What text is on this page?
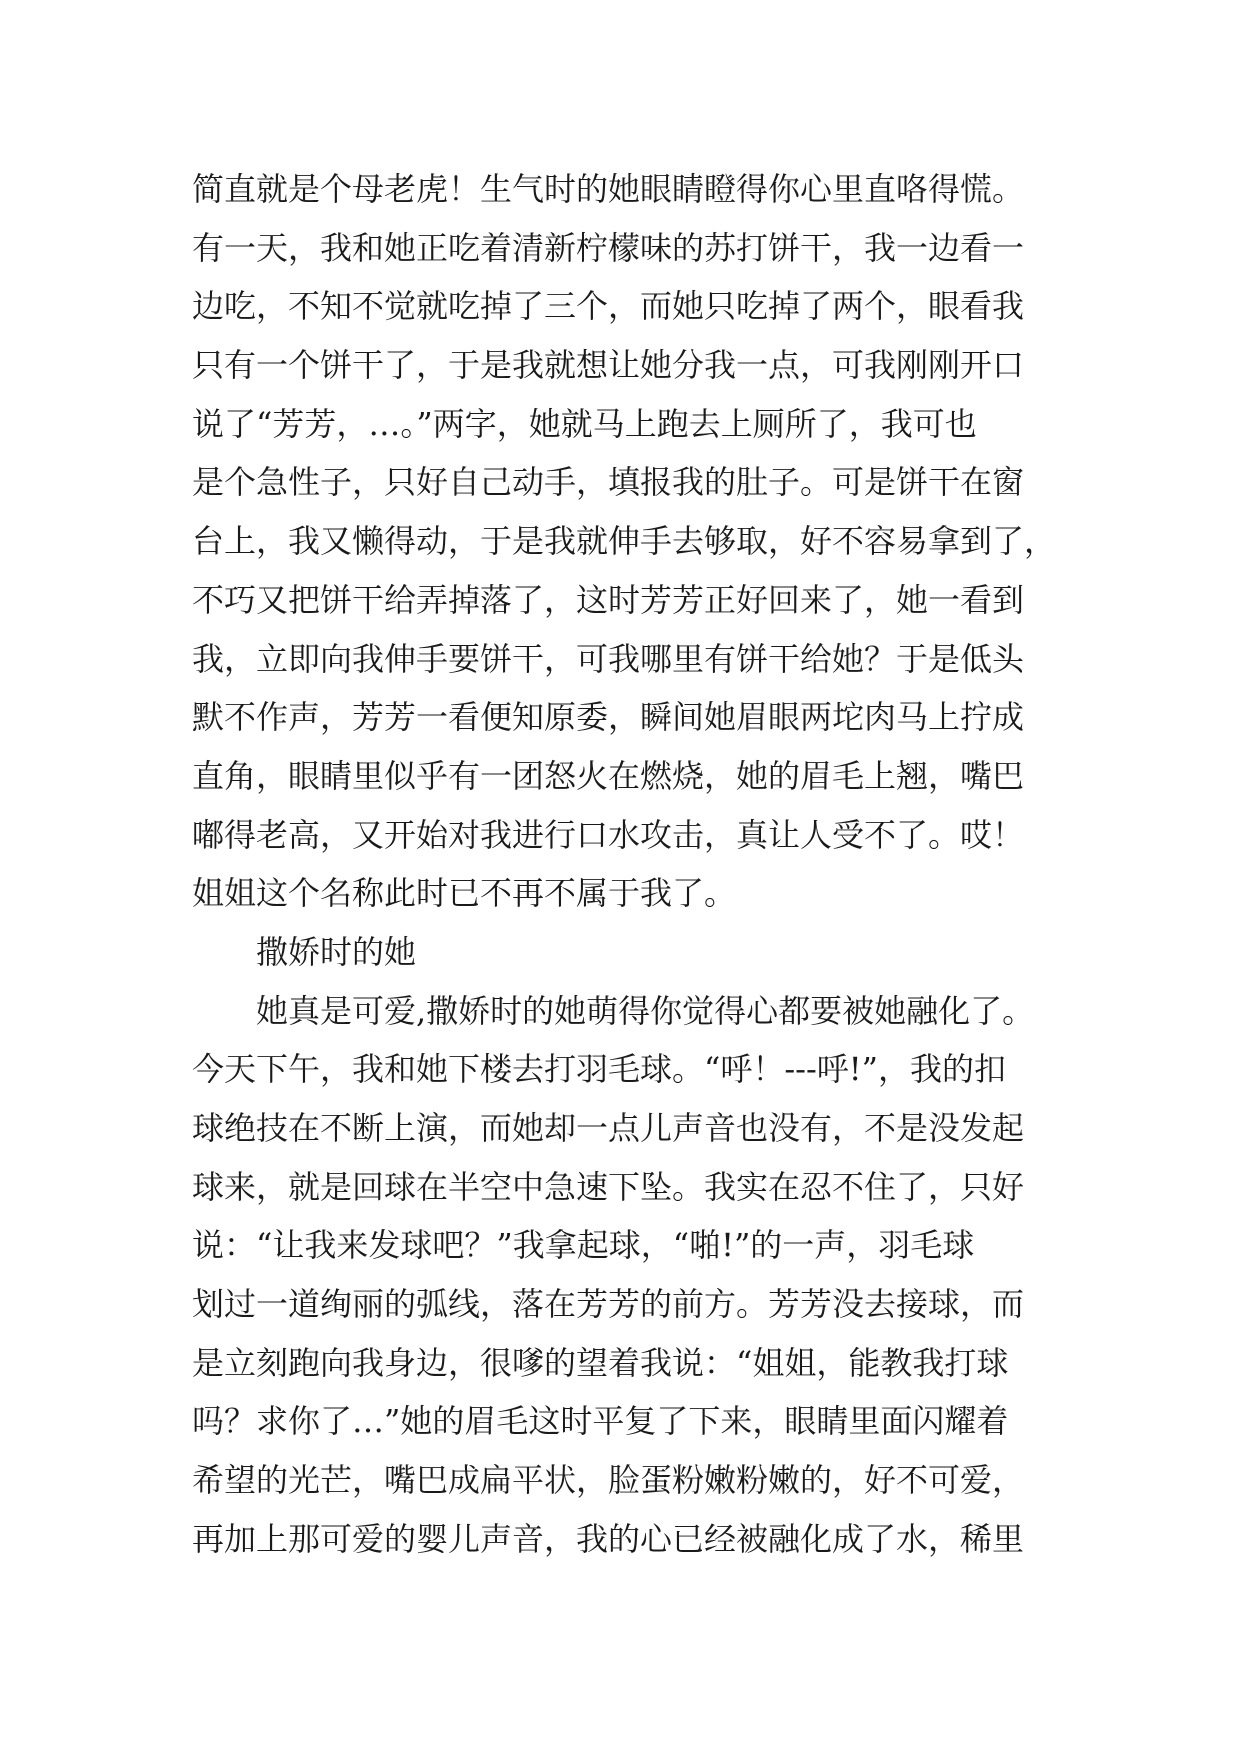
简直就是个母老虎！生气时的她眼睛瞪得你心里直咯得慌。
有一天，我和她正吃着清新柠檬味的苏打饼干，我一边看一
边吃，不知不觉就吃掉了三个，而她只吃掉了两个，眼看我
只有一个饼干了，于是我就想让她分我一点，可我刚刚开口
说了“芳芳，…。”两字，她就马上跑去上厕所了，我可也
是个急性子，只好自己动手，填报我的肚子。可是饼干在窗
台上，我又懒得动，于是我就伸手去够取，好不容易拿到了，
不巧又把饼干给弄掉落了，这时芳芳正好回来了，她一看到
我，立即向我伸手要饼干，可我哪里有饼干给她？于是低头
默不作声，芳芳一看便知原委，瞬间她眉眼两坨肉马上拧成
直角，眼睛里似乎有一团怒火在燃烧，她的眉毛上翘，嘴巴
嘟得老高，又开始对我进行口水攻击，真让人受不了。哎！
姐姐这个名称此时已不再不属于我了。
撒娇时的她
她真是可爱,撒娇时的她萌得你觉得心都要被她融化了。
今天下午，我和她下楼去打羽毛球。“呼！---呼!”，我的扣
球绝技在不断上演，而她却一点儿声音也没有，不是没发起
球来，就是回球在半空中急速下坠。我实在忍不住了，只好
说：“让我来发球吧？”我拿起球，“啪!”的一声，羽毛球
划过一道绚丽的弧线，落在芳芳的前方。芳芳没去接球，而
是立刻跑向我身边，很嗲的望着我说：“姐姐，能教我打球
吗？求你了…”她的眉毛这时平复了下来，眼睛里面闪耀着
希望的光芒，嘴巴成扁平状，脸蛋粉嫩粉嫩的，好不可爱，
再加上那可爱的婴儿声音，我的心已经被融化成了水，稀里
